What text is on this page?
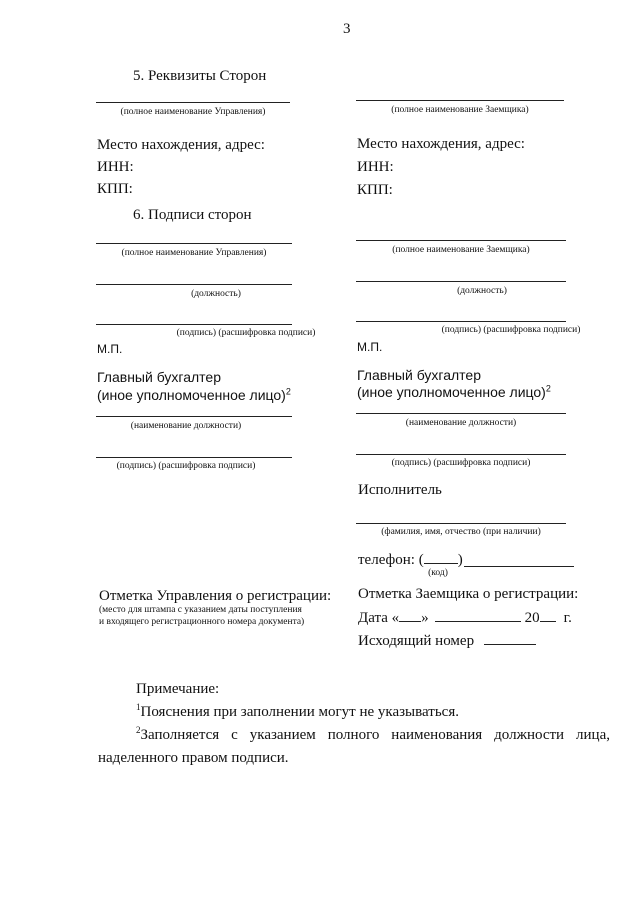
3
5. Реквизиты Сторон
(полное наименование Управления)	(полное наименование Заемщика)
Место нахождения, адрес:
ИНН:
КПП:
Место нахождения, адрес:
ИНН:
КПП:
6. Подписи сторон
(полное наименование Управления)	(полное наименование Заемщика)
(должность)	(должность)
(подпись) (расшифровка подписи)	(подпись) (расшифровка подписи)
М.П.	М.П.
Главный бухгалтер
(иное уполномоченное лицо)$^2$
Главный бухгалтер
(иное уполномоченное лицо)$^2$
(наименование должности)	(наименование должности)
(подпись) (расшифровка подписи)	(подпись) (расшифровка подписи)
Исполнитель
(фамилия, имя, отчество (при наличии)
телефон: ( )
(код)
Отметка Управления о регистрации:
(место для штампа с указанием даты поступления
и входящего регистрационного номера документа)
Отметка Заемщика о регистрации:
Дата « »	20 г.
Исходящий номер
Примечание:
$^1$Пояснения при заполнении могут не указываться.
$^2$Заполняется с указанием полного наименования должности лица,
наделенного правом подписи.
